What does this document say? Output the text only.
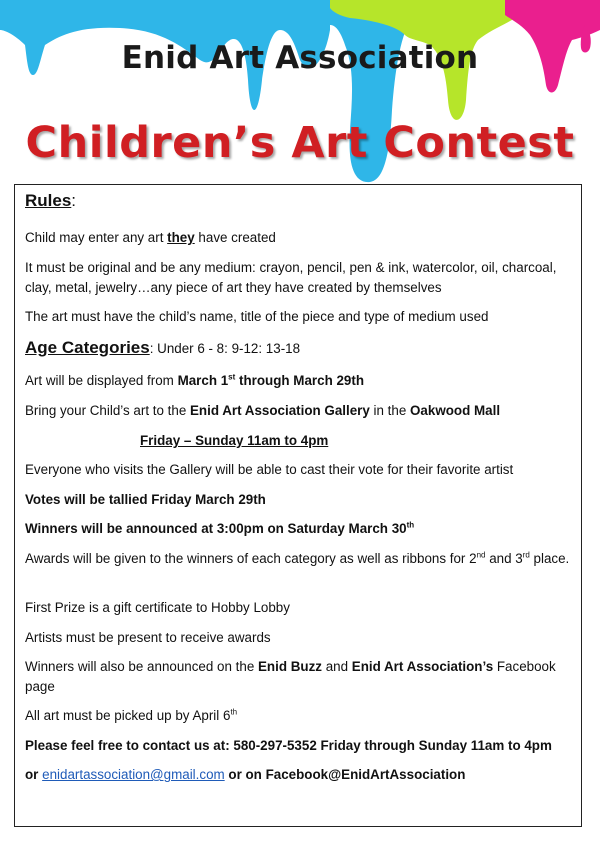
Enid Art Association
Children’s Art Contest
Rules:
Child may enter any art they have created
It must be original and be any medium: crayon, pencil, pen & ink, watercolor, oil, charcoal, clay, metal, jewelry…any piece of art they have created by themselves
The art must have the child’s name, title of the piece and type of medium used
Age Categories: Under 6 - 8: 9-12: 13-18
Art will be displayed from March 1st through March 29th
Bring your Child’s art to the Enid Art Association Gallery in the Oakwood Mall
Friday – Sunday 11am to 4pm
Everyone who visits the Gallery will be able to cast their vote for their favorite artist
Votes will be tallied Friday March 29th
Winners will be announced at 3:00pm on Saturday March 30th
Awards will be given to the winners of each category as well as ribbons for 2nd and 3rd place.
First Prize is a gift certificate to Hobby Lobby
Artists must be present to receive awards
Winners will also be announced on the Enid Buzz and Enid Art Association’s Facebook page
All art must be picked up by April 6th
Please feel free to contact us at: 580-297-5352 Friday through Sunday 11am to 4pm
or enidartassociation@gmail.com or on Facebook@EnidArtAssociation
